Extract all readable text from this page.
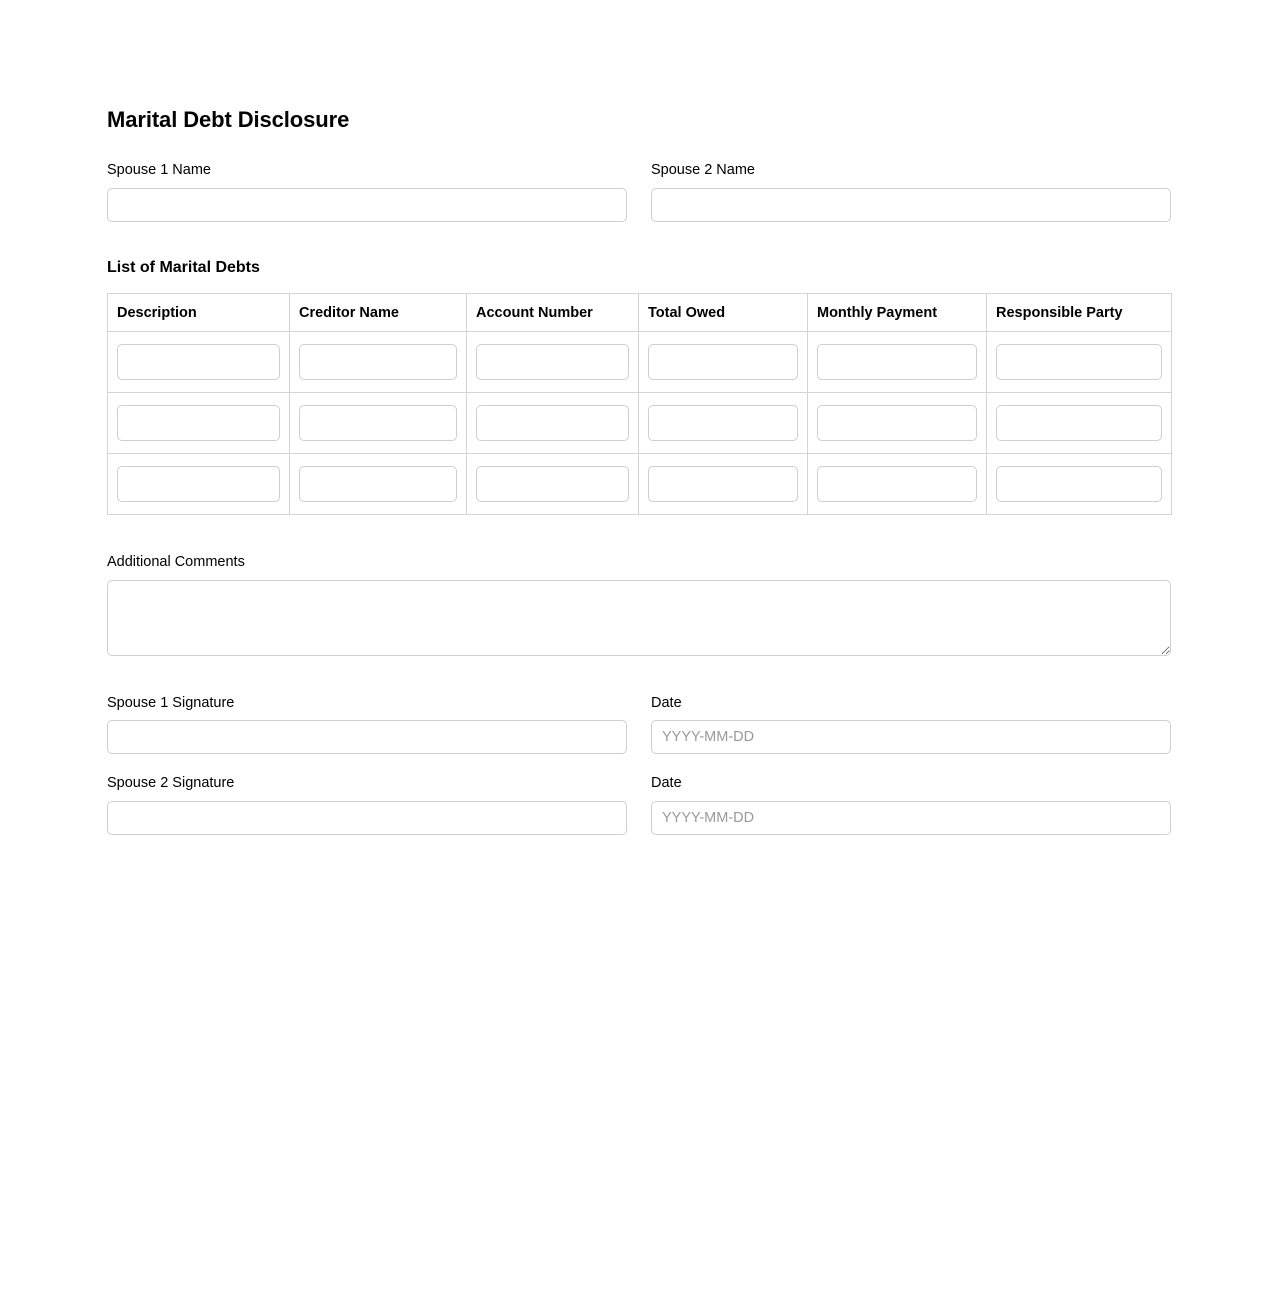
Marital Debt Disclosure
Spouse 1 Name	Spouse 2 Name
List of Marital Debts
Description	Creditor Name	Account Number	Total Owed	Monthly Payment	Responsible Party

Additional Comments
Spouse 1 Signature	Date
YYYY-MM-DD
Spouse 2 Signature	Date
YYYY-MM-DD
